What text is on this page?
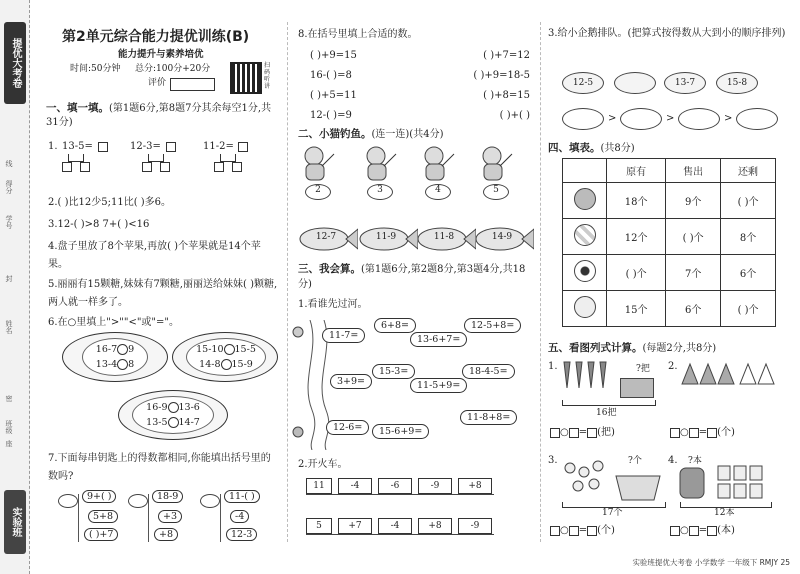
提优大考卷
得分
学号
封
姓名
密
班级
线
座
实验班
第2单元综合能力提优训练(B)
能力提升与素养培优
时间:50分钟 总分:100分+20分
评价
扫码听讲
一、填一填。(第1题6分,第8题7分其余每空1分,共31分)
1. 13-5=	12-3=	11-2=
2.( )比12少5;11比( )多6。
3.12-( )>8 7+( )<16
4.盘子里放了8个苹果,再放( )个苹果就是14个苹果。
5.丽丽有15颗糖,妹妹有7颗糖,丽丽送给妹妹( )颗糖,两人就一样多了。
6.在○里填上">""<"或"="。
16-7 9
13-4 8
15-10 15-5
14-8 15-9
16-9 13-6
13-5 14-7
7.下面每串钥匙上的得数都相同,你能填出括号里的数吗?
9+( )
5+8
( )+7
18-9
+3
+8
11-( )
-4
12-3
8.在括号里填上合适的数。
( )+9=15	( )+7=12
16-( )=8	( )+9=18-5
( )+5=11	( )+8=15
12-( )=9	( )+( )
二、小猫钓鱼。(连一连)(共4分)
2	3	4	5
12-7	11-9	11-8	14-9
三、我会算。(第1题6分,第2题8分,第3题4分,共18分)
1.看谁先过河。
11-7=
6+8=	12-5+8=
13-6+7=
3+9=
15-3=	18-4-5=
11-5+9=
12-6=	15-6+9=
11-8+8=
2.开火车。
11	-4	-6	-9	+8
5	+7	-4	+8	-9
3.给小企鹅排队。(把算式按得数从大到小的顺序排列)
12-5	13-7	15-8
>	>	>
四、填表。(共8分)
	原有	售出	还剩
	18个	9个	( )个
	12个	( )个	8个
	( )个	7个	6个
	15个	6个	( )个
五、看图列式计算。(每题2分,共8分)
1.	?把
16把
○ = (把)
2.
○ = (个)
3.	?个
17个
○ = (个)
4. ?本
12本
○ = (本)
实验班提优大考卷 小学数学 一年级下 RMJY 25
